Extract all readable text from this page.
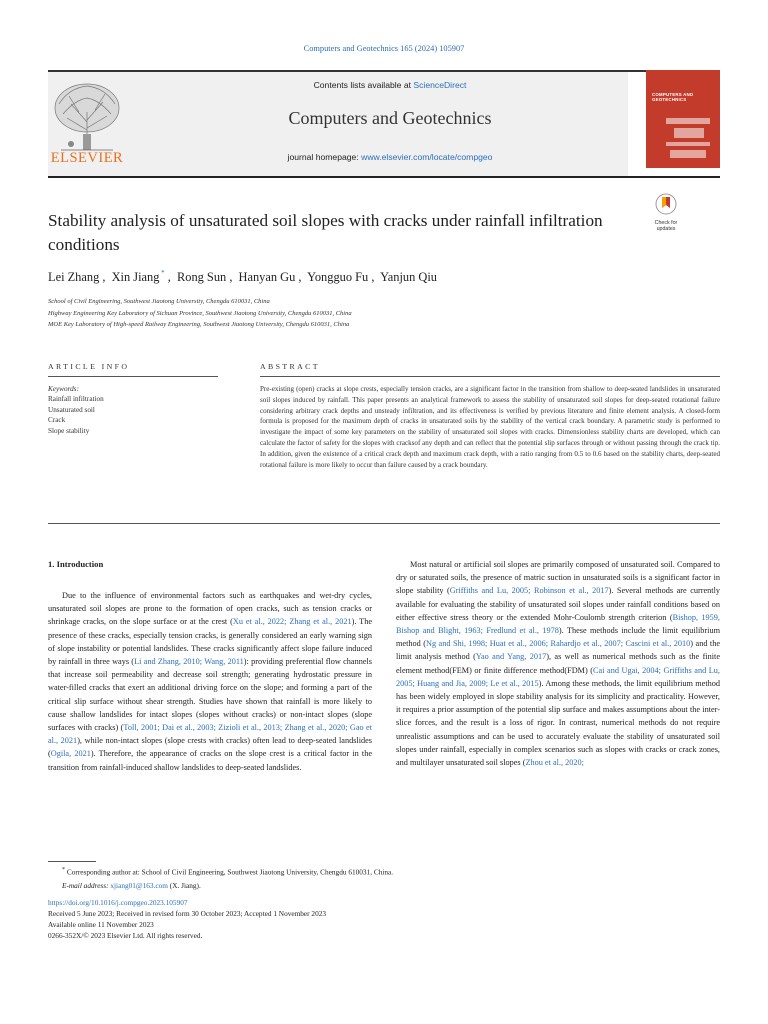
Computers and Geotechnics 165 (2024) 105907
ELSEVIER
Contents lists available at ScienceDirect
Computers and Geotechnics
journal homepage: www.elsevier.com/locate/compgeo
COMPUTERS AND GEOTECHNICS
Check for
updates
Stability analysis of unsaturated soil slopes with cracks under rainfall infiltration conditions
Lei Zhang , Xin Jiang * , Rong Sun , Hanyan Gu , Yongguo Fu , Yanjun Qiu
School of Civil Engineering, Southwest Jiaotong University, Chengdu 610031, China
Highway Engineering Key Laboratory of Sichuan Province, Southwest Jiaotong University, Chengdu 610031, China
MOE Key Laboratory of High-speed Railway Engineering, Southwest Jiaotong University, Chengdu 610031, China
ARTICLE INFO
Keywords:
Rainfall infiltration
Unsaturated soil
Crack
Slope stability
ABSTRACT
Pre-existing (open) cracks at slope crests, especially tension cracks, are a significant factor in the transition from shallow to deep-seated landslides in unsaturated soil slopes induced by rainfall. This paper presents an analytical framework to assess the stability of unsaturated soil slopes for deep-seated rotational failure considering arbitrary crack depths and unsteady infiltration, and its effectiveness is verified by previous literature and finite element analysis. A closed-form formula is proposed for the maximum depth of cracks in unsaturated soils by the stability of the vertical crack boundary. A parametric study is performed to investigate the impact of some key parameters on the stability of unsaturated soil slopes with cracks. Dimensionless stability charts are developed, which can calculate the factor of safety for the slopes with cracksof any depth and can reflect that the potential slip surfaces through or without passing through the crack tip. In addition, given the existence of a critical crack depth and maximum crack depth, with a ratio ranging from 0.5 to 0.6 based on the stability charts, deep-seated rotational failure is more likely to occur than failure caused by a crack boundary.
1. Introduction

Due to the influence of environmental factors such as earthquakes and wet-dry cycles, unsaturated soil slopes are prone to the formation of open cracks, such as tension cracks or shrinkage cracks, on the slope surface or at the crest (Xu et al., 2022; Zhang et al., 2021). The presence of these cracks, especially tension cracks, is generally considered an early warning sign of slope instability or potential landslides. These cracks significantly affect slope failure induced by rainfall in three ways (Li and Zhang, 2010; Wang, 2011): providing preferential flow channels that increase soil permeability and decrease soil strength; generating hydrostatic pressure in water-filled cracks that exert an additional driving force on the slope; and forming a part of the critical slip surface without shear strength. Studies have shown that rainfall is more likely to cause shallow landslides for intact slopes (slopes without cracks) or non-intact slopes (slope surfaces with cracks) (Toll, 2001; Dai et al., 2003; Zizioli et al., 2013; Zhang et al., 2020; Gao et al., 2021), while non-intact slopes (slope crests with cracks) often lead to deep-seated landslides (Ogila, 2021). Therefore, the appearance of cracks on the slope crest is a critical factor in the transition from rainfall-induced shallow landslides to deep-seated landslides.

Most natural or artificial soil slopes are primarily composed of unsaturated soil. Compared to dry or saturated soils, the presence of matric suction in unsaturated soils is a significant factor in slope stability (Griffiths and Lu, 2005; Robinson et al., 2017). Several methods are currently available for evaluating the stability of unsaturated soil slopes under rainfall conditions based on either effective stress theory or the extended Mohr-Coulomb strength criterion (Bishop, 1959, Bishop and Blight, 1963; Fredlund et al., 1978). These methods include the limit equilibrium method (Ng and Shi, 1998; Huat et al., 2006; Rahardjo et al., 2007; Cascini et al., 2010) and the limit analysis method (Yao and Yang, 2017), as well as numerical methods such as the finite element method(FEM) or finite difference method(FDM) (Cai and Ugai, 2004; Griffiths and Lu, 2005; Huang and Jia, 2009; Le et al., 2015). Among these methods, the limit equilibrium method has been widely employed in slope stability analysis for its simplicity and practicality. However, it requires a prior assumption of the potential slip surface and makes assumptions about the inter-slice forces, and the result is a loss of rigor. In contrast, numerical methods do not require unrealistic assumptions and can be used to accurately evaluate the stability of unsaturated soil slopes under rainfall, especially in complex scenarios such as slopes with cracks or crack zones, and multilayer unsaturated soil slopes (Zhou et al., 2020;

* Corresponding author at: School of Civil Engineering, Southwest Jiaotong University, Chengdu 610031, China.
E-mail address: xjiang01@163.com (X. Jiang).
https://doi.org/10.1016/j.compgeo.2023.105907
Received 5 June 2023; Received in revised form 30 October 2023; Accepted 1 November 2023
Available online 11 November 2023
0266-352X/© 2023 Elsevier Ltd. All rights reserved.
